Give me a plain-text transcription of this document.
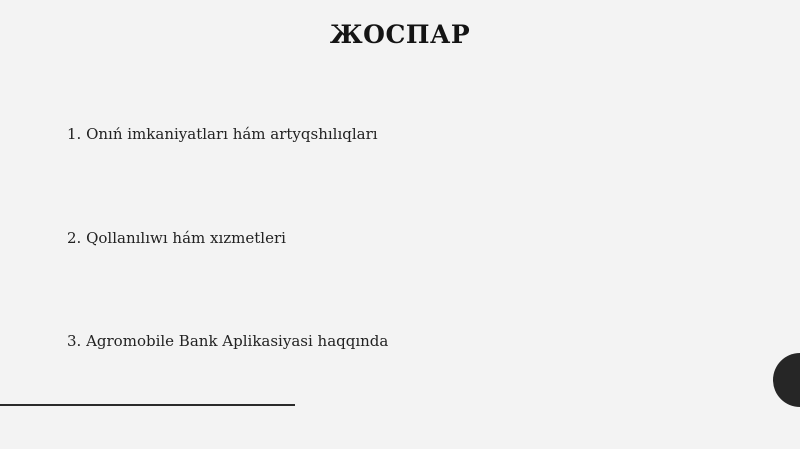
ЖОСПАР
1. Onıń imkaniyatları hám artyqshılıqları
2. Qollanılıwı hám xızmetleri
3. Agromobile Bank Aplikasiyasi haqqında
